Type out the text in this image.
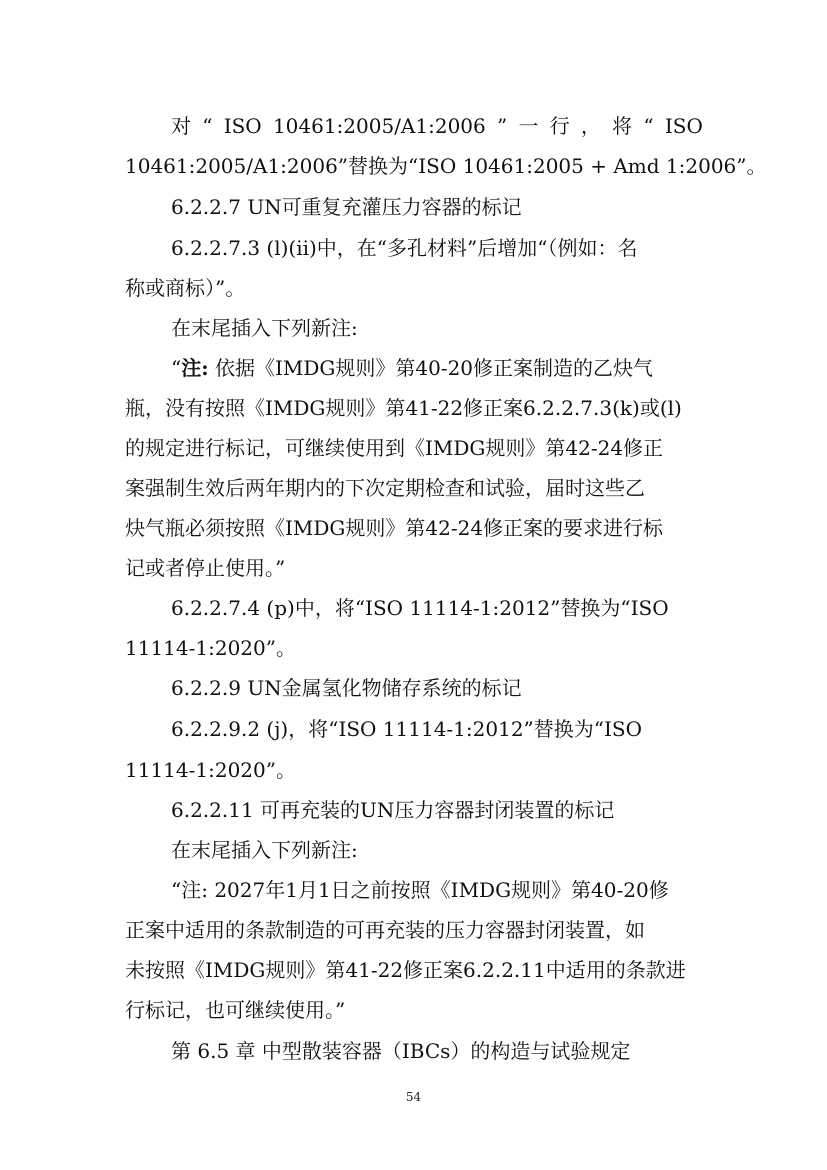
对 “ ISO 10461:2005/A1:2006 ” 一 行 ， 将 “ ISO
10461:2005/A1:2006”替换为“ISO 10461:2005 + Amd 1:2006”。
6.2.2.7 UN可重复充灌压力容器的标记
6.2.2.7.3 (l)(ii)中，在“多孔材料”后增加“（例如：名
称或商标）”。
在末尾插入下列新注:
“注: 依据《IMDG规则》第40-20修正案制造的乙炔气
瓶，没有按照《IMDG规则》第41-22修正案6.2.2.7.3(k)或(l)
的规定进行标记，可继续使用到《IMDG规则》第42-24修正
案强制生效后两年期内的下次定期检查和试验，届时这些乙
炔气瓶必须按照《IMDG规则》第42-24修正案的要求进行标
记或者停止使用。”
6.2.2.7.4 (p)中，将“ISO 11114-1:2012”替换为“ISO
11114-1:2020”。
6.2.2.9 UN金属氢化物储存系统的标记
6.2.2.9.2 (j)，将“ISO 11114-1:2012”替换为“ISO
11114-1:2020”。
6.2.2.11 可再充装的UN压力容器封闭装置的标记
在末尾插入下列新注:
“注: 2027年1月1日之前按照《IMDG规则》第40-20修
正案中适用的条款制造的可再充装的压力容器封闭装置，如
未按照《IMDG规则》第41-22修正案6.2.2.11中适用的条款进
行标记，也可继续使用。”
第 6.5 章 中型散装容器（IBCs）的构造与试验规定
54
